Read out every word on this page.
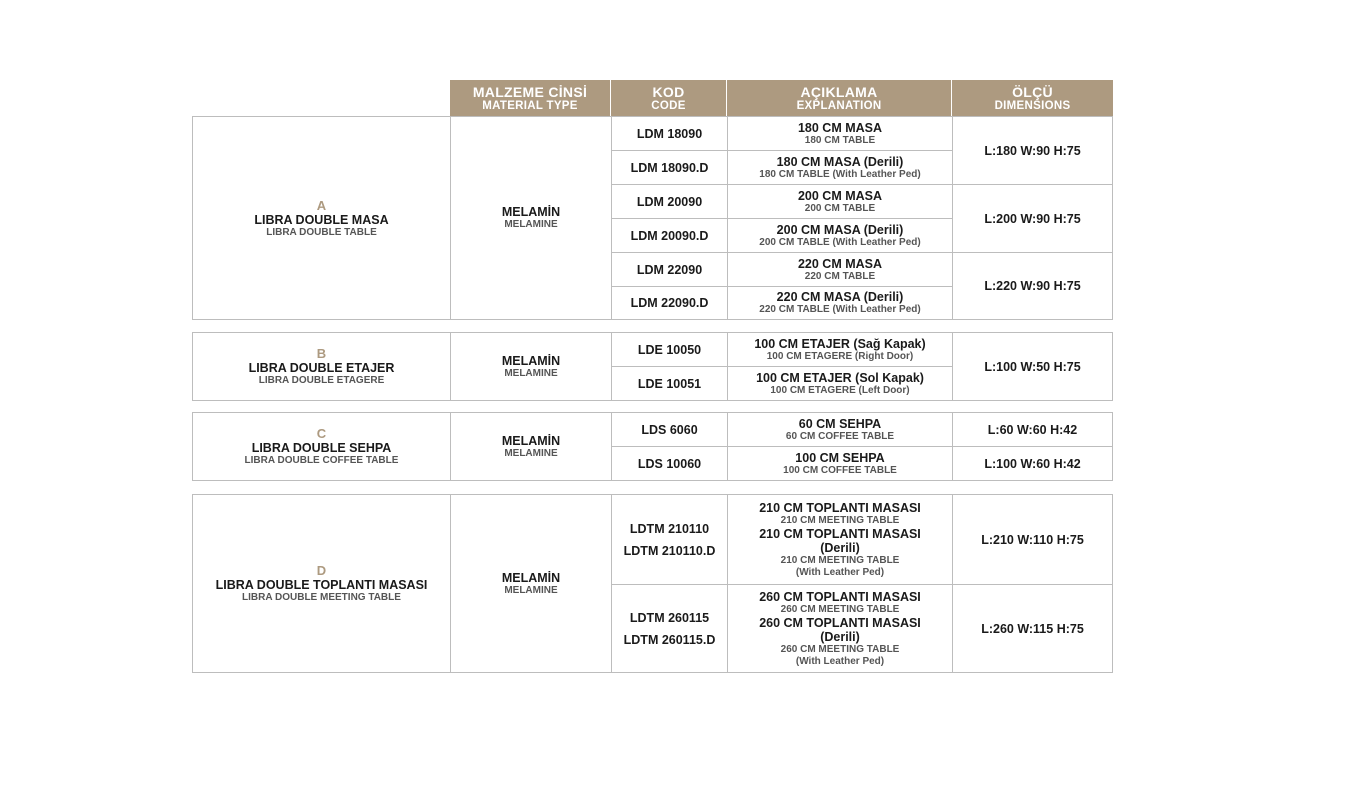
MALZEME CİNSİ
MATERIAL TYPE
KOD
CODE
AÇIKLAMA
EXPLANATION
ÖLÇÜ
DIMENSIONS
A
LIBRA DOUBLE MASA
LIBRA DOUBLE TABLE
MELAMİN
MELAMINE
LDM 18090
LDM 18090.D
LDM 20090
LDM 20090.D
LDM 22090
LDM 22090.D
180 CM MASA
180 CM TABLE
180 CM MASA (Derili)
180 CM TABLE (With Leather Ped)
200 CM MASA
200 CM TABLE
200 CM MASA (Derili)
200 CM TABLE (With Leather Ped)
220 CM MASA
220 CM TABLE
220 CM MASA (Derili)
220 CM TABLE (With Leather Ped)
L:180 W:90 H:75
L:200 W:90 H:75
L:220 W:90 H:75
B
LIBRA DOUBLE ETAJER
LIBRA DOUBLE ETAGERE
MELAMİN
MELAMINE
LDE 10050
LDE 10051
100 CM ETAJER (Sağ Kapak)
100 CM ETAGERE (Right Door)
100 CM ETAJER (Sol Kapak)
100 CM ETAGERE (Left Door)
L:100 W:50 H:75
C
LIBRA DOUBLE SEHPA
LIBRA DOUBLE COFFEE TABLE
MELAMİN
MELAMINE
LDS 6060
LDS 10060
60 CM SEHPA
60 CM COFFEE TABLE
100 CM SEHPA
100 CM COFFEE TABLE
L:60 W:60 H:42
L:100 W:60 H:42
D
LIBRA DOUBLE TOPLANTI MASASI
LIBRA DOUBLE MEETING TABLE
MELAMİN
MELAMINE
LDTM 210110
LDTM 210110.D
LDTM 260115
LDTM 260115.D
210 CM TOPLANTI MASASI
210 CM MEETING TABLE
210 CM TOPLANTI MASASI
(Derili)
210 CM MEETING TABLE
(With Leather Ped)
260 CM TOPLANTI MASASI
260 CM MEETING TABLE
260 CM TOPLANTI MASASI
(Derili)
260 CM MEETING TABLE
(With Leather Ped)
L:210 W:110 H:75
L:260 W:115 H:75
